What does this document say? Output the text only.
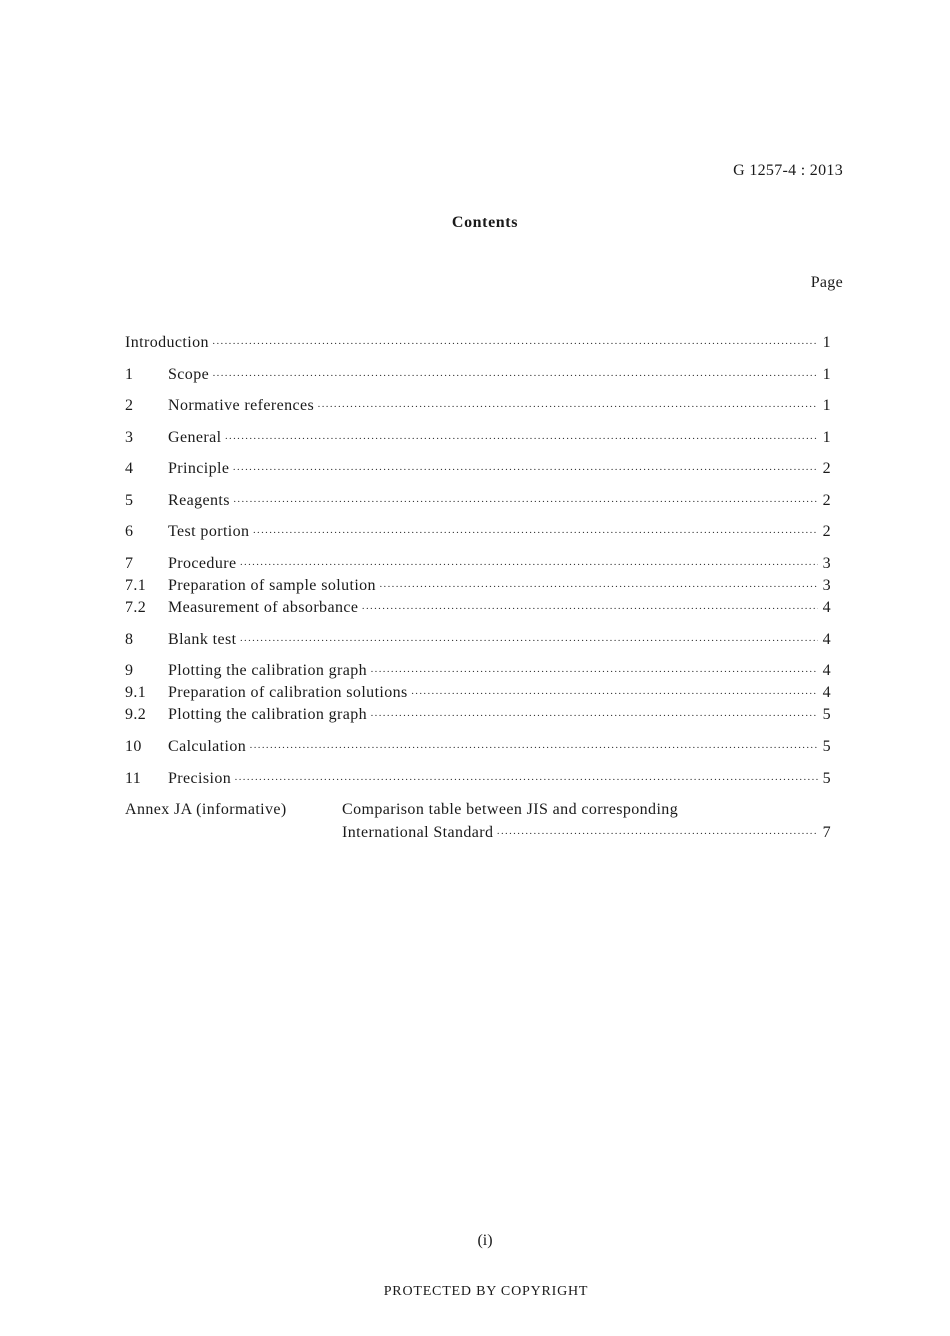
G 1257-4 : 2013
Contents
Page
Introduction ·····	1
1	Scope ·····	1
2	Normative references ·····	1
3	General ·····	1
4	Principle ·····	2
5	Reagents ·····	2
6	Test portion ·····	2
7	Procedure ·····	3
7.1	Preparation of sample solution ·····	3
7.2	Measurement of absorbance ·····	4
8	Blank test ·····	4
9	Plotting the calibration graph ·····	4
9.1	Preparation of calibration solutions ·····	4
9.2	Plotting the calibration graph ·····	5
10	Calculation ·····	5
11	Precision ·····	5
Annex JA (informative)	Comparison table between JIS and corresponding
International Standard ·····	7
(i)
PROTECTED BY COPYRIGHT
